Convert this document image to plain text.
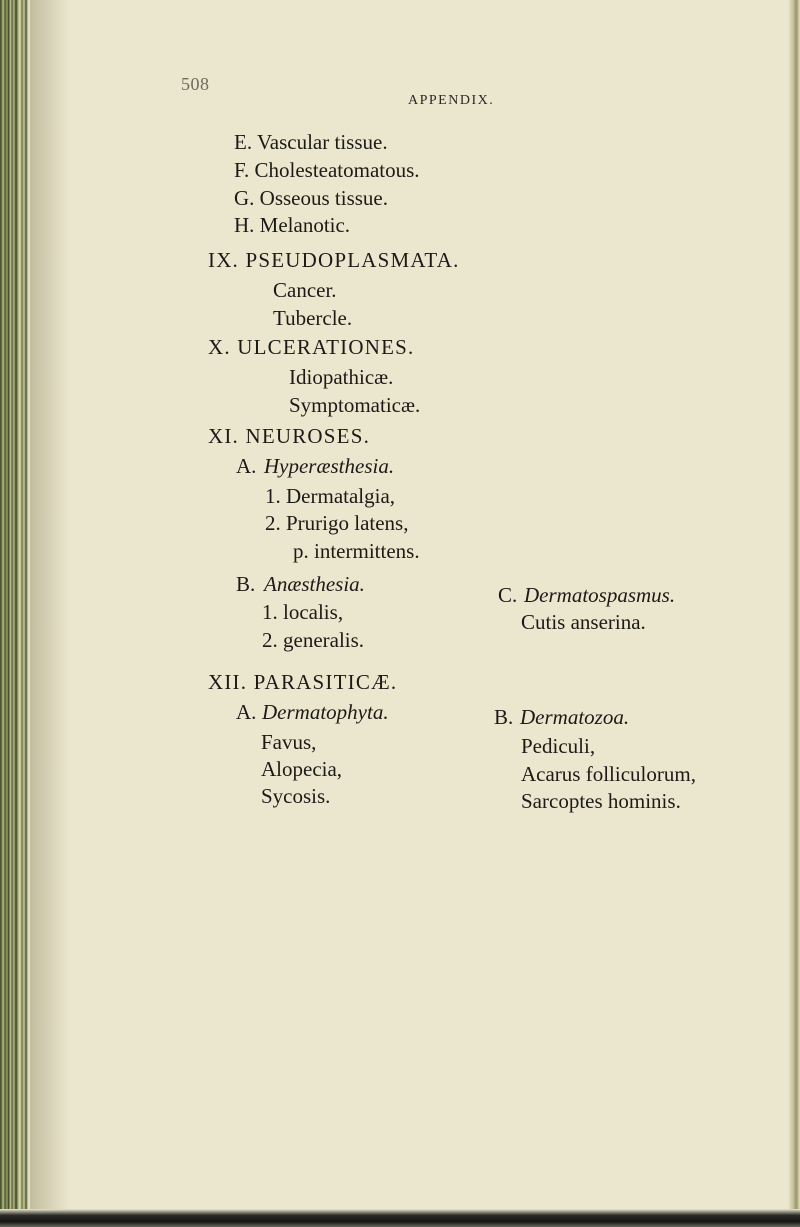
508
APPENDIX.
E. Vascular tissue.
F. Cholesteatomatous.
G. Osseous tissue.
H. Melanotic.
IX. PSEUDOPLASMATA.
Cancer.
Tubercle.
X. ULCERATIONES.
Idiopathicæ.
Symptomaticæ.
XI. NEUROSES.
A. Hyperæsthesia.
1. Dermatalgia,
2. Prurigo latens,
p. intermittens.
B. Anæsthesia.
1. localis,
2. generalis.
C. Dermatospasmus.
Cutis anserina.
XII. PARASITICÆ.
A. Dermatophyta.
Favus,
Alopecia,
Sycosis.
B. Dermatozoa.
Pediculi,
Acarus folliculorum,
Sarcoptes hominis.
